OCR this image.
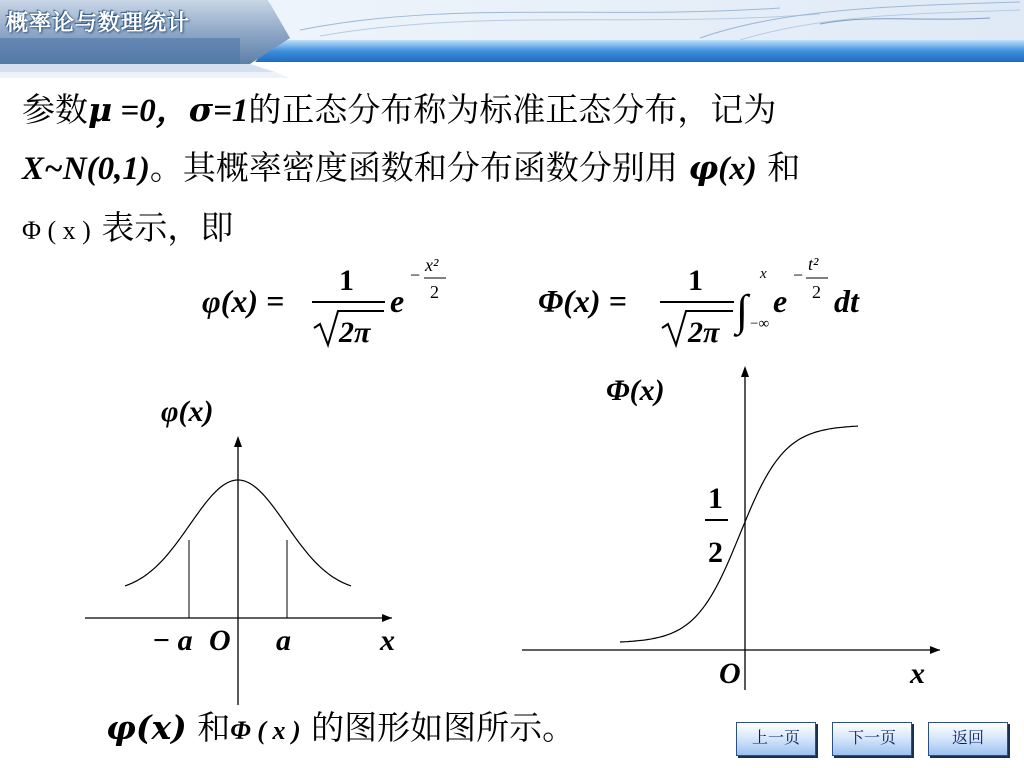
概率论与数理统计
参数μ =0，σ=1的正态分布称为标准正态分布，记为
X~N(0,1)。其概率密度函数和分布函数分别用 φ(x) 和
Φ ( x ) 表示，即
φ(x) =
1
2π
e
− x²
2	Φ(x) =
1
2π ∫
x
−∞
e
−
t²
2 dt
φ(x)
x
− a O a
Φ(x)
x
O
1
2
φ(x) 和Φ ( x ) 的图形如图所示。	上一页	下一页	返回
